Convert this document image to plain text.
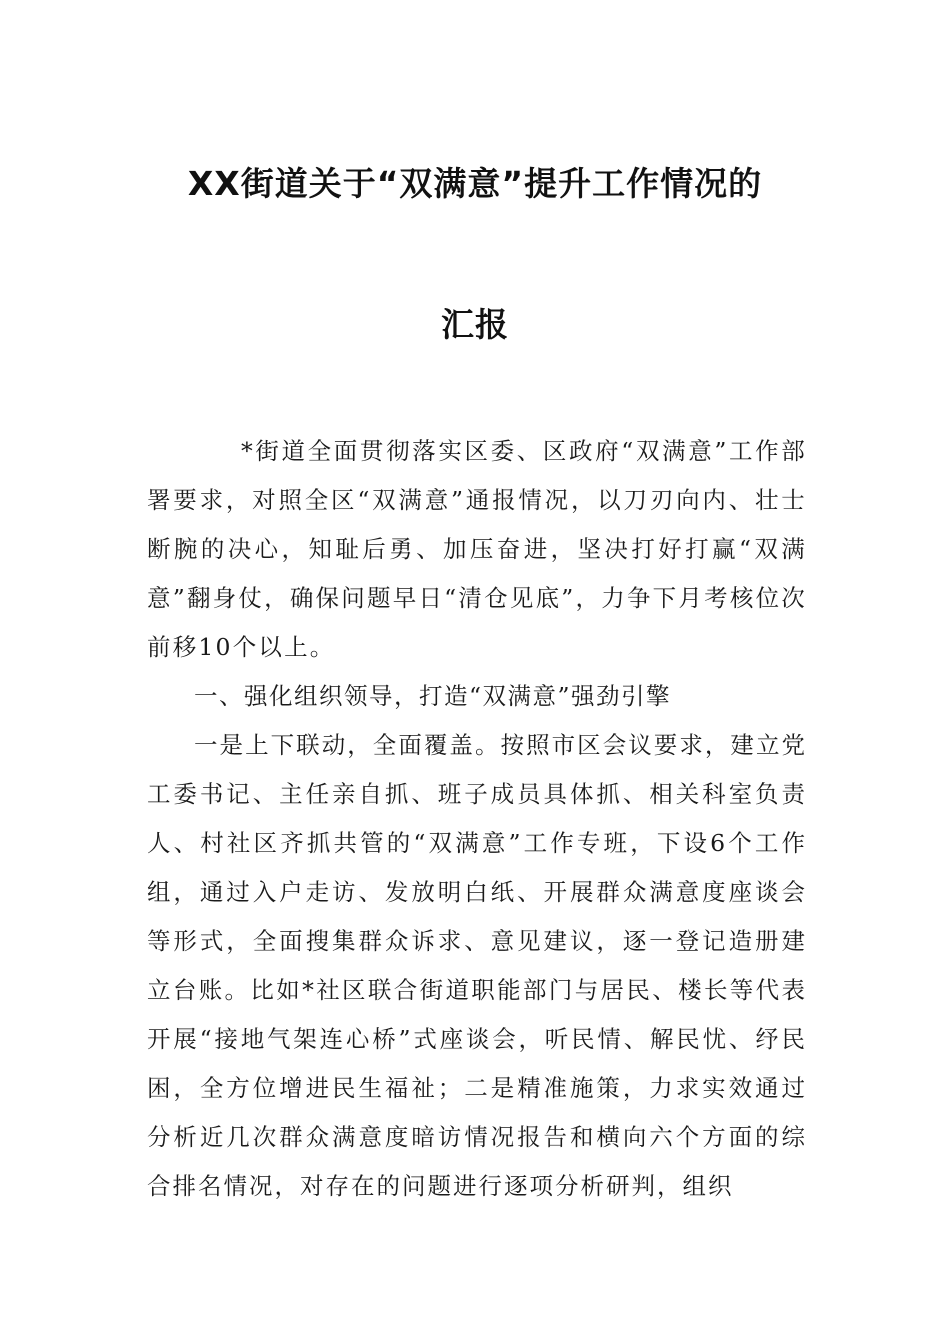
XX街道关于“双满意”提升工作情况的
汇报

*街道全面贯彻落实区委、区政府“双满意”工作部署要求，对照全区“双满意”通报情况，以刀刃向内、壮士断腕的决心，知耻后勇、加压奋进，坚决打好打赢“双满意”翻身仗，确保问题早日“清仓见底”，力争下月考核位次前移10个以上。

一、强化组织领导，打造“双满意”强劲引擎

一是上下联动，全面覆盖。按照市区会议要求，建立党工委书记、主任亲自抓、班子成员具体抓、相关科室负责人、村社区齐抓共管的“双满意”工作专班，下设6个工作组，通过入户走访、发放明白纸、开展群众满意度座谈会等形式，全面搜集群众诉求、意见建议，逐一登记造册建立台账。比如*社区联合街道职能部门与居民、楼长等代表开展“接地气架连心桥”式座谈会，听民情、解民忧、纾民困，全方位增进民生福祉；二是精准施策，力求实效通过分析近几次群众满意度暗访情况报告和横向六个方面的综合排名情况，对存在的问题进行逐项分析研判，组织
